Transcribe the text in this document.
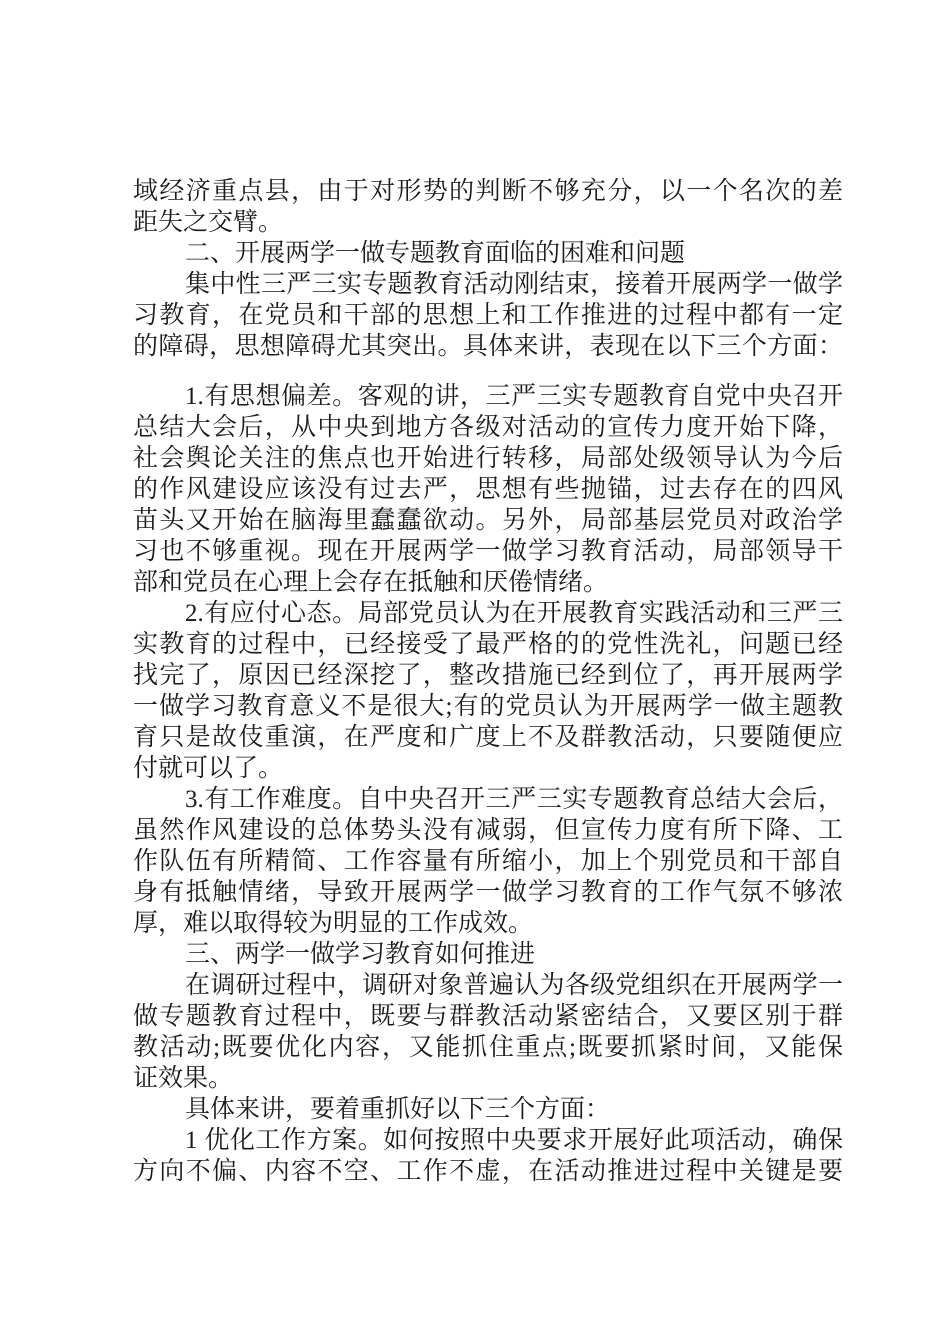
域经济重点县，由于对形势的判断不够充分，以一个名次的差
距失之交臂。
二、开展两学一做专题教育面临的困难和问题
集中性三严三实专题教育活动刚结束，接着开展两学一做学
习教育，在党员和干部的思想上和工作推进的过程中都有一定
的障碍，思想障碍尤其突出。具体来讲，表现在以下三个方面：
1.有思想偏差。客观的讲，三严三实专题教育自党中央召开
总结大会后，从中央到地方各级对活动的宣传力度开始下降，
社会舆论关注的焦点也开始进行转移，局部处级领导认为今后
的作风建设应该没有过去严，思想有些抛锚，过去存在的四风
苗头又开始在脑海里蠢蠢欲动。另外，局部基层党员对政治学
习也不够重视。现在开展两学一做学习教育活动，局部领导干
部和党员在心理上会存在抵触和厌倦情绪。
2.有应付心态。局部党员认为在开展教育实践活动和三严三
实教育的过程中，已经接受了最严格的的党性洗礼，问题已经
找完了，原因已经深挖了，整改措施已经到位了，再开展两学
一做学习教育意义不是很大;有的党员认为开展两学一做主题教
育只是故伎重演，在严度和广度上不及群教活动，只要随便应
付就可以了。
3.有工作难度。自中央召开三严三实专题教育总结大会后，
虽然作风建设的总体势头没有减弱，但宣传力度有所下降、工
作队伍有所精简、工作容量有所缩小，加上个别党员和干部自
身有抵触情绪，导致开展两学一做学习教育的工作气氛不够浓
厚，难以取得较为明显的工作成效。
三、两学一做学习教育如何推进
在调研过程中，调研对象普遍认为各级党组织在开展两学一
做专题教育过程中，既要与群教活动紧密结合，又要区别于群
教活动;既要优化内容，又能抓住重点;既要抓紧时间，又能保
证效果。
具体来讲，要着重抓好以下三个方面：
1 优化工作方案。如何按照中央要求开展好此项活动，确保
方向不偏、内容不空、工作不虚，在活动推进过程中关键是要
